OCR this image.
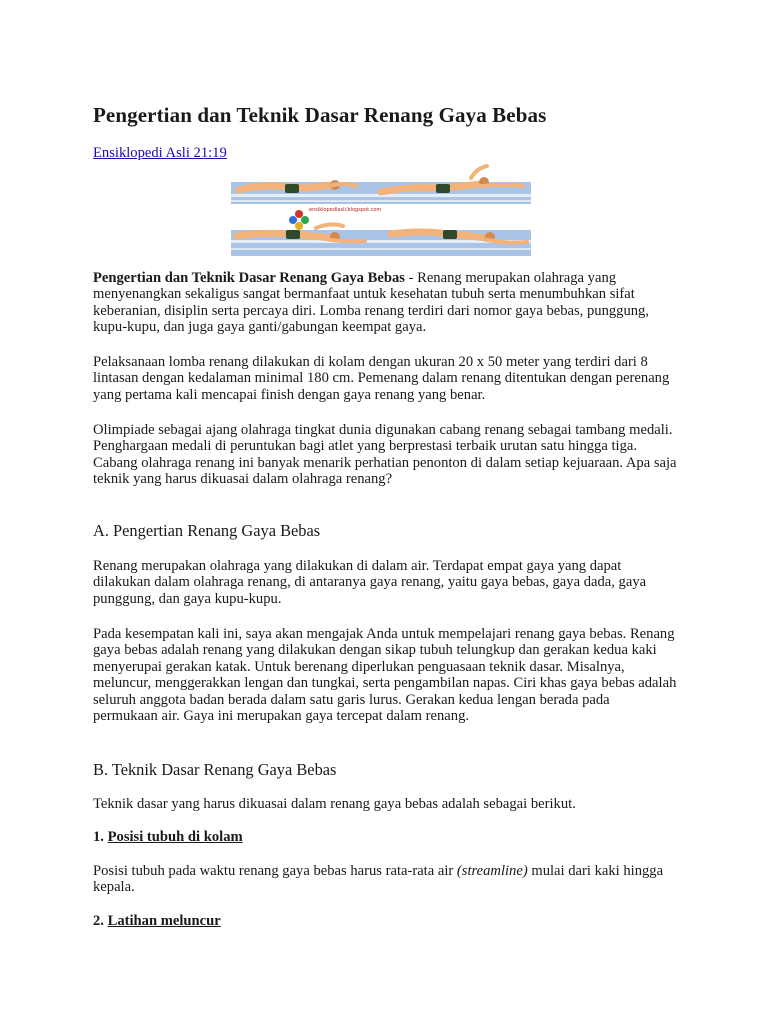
Pengertian dan Teknik Dasar Renang Gaya Bebas
Ensiklopedi Asli 21:19
ensiklopediasli.blogspot.com

Pengertian dan Teknik Dasar Renang Gaya Bebas - Renang merupakan olahraga yang menyenangkan sekaligus sangat bermanfaat untuk kesehatan tubuh serta menumbuhkan sifat keberanian, disiplin serta percaya diri. Lomba renang terdiri dari nomor gaya bebas, punggung, kupu-kupu, dan juga gaya ganti/gabungan keempat gaya.

Pelaksanaan lomba renang dilakukan di kolam dengan ukuran 20 x 50 meter yang terdiri dari 8 lintasan dengan kedalaman minimal 180 cm. Pemenang dalam renang ditentukan dengan perenang yang pertama kali mencapai finish dengan gaya renang yang benar.

Olimpiade sebagai ajang olahraga tingkat dunia digunakan cabang renang sebagai tambang medali. Penghargaan medali di peruntukan bagi atlet yang berprestasi terbaik urutan satu hingga tiga. Cabang olahraga renang ini banyak menarik perhatian penonton di dalam setiap kejuaraan. Apa saja teknik yang harus dikuasai dalam olahraga renang?

A. Pengertian Renang Gaya Bebas

Renang merupakan olahraga yang dilakukan di dalam air. Terdapat empat gaya yang dapat dilakukan dalam olahraga renang, di antaranya gaya renang, yaitu gaya bebas, gaya dada, gaya punggung, dan gaya kupu-kupu.

Pada kesempatan kali ini, saya akan mengajak Anda untuk mempelajari renang gaya bebas. Renang gaya bebas adalah renang yang dilakukan dengan sikap tubuh telungkup dan gerakan kedua kaki menyerupai gerakan katak. Untuk berenang diperlukan penguasaan teknik dasar. Misalnya, meluncur, menggerakkan lengan dan tungkai, serta pengambilan napas. Ciri khas gaya bebas adalah seluruh anggota badan berada dalam satu garis lurus. Gerakan kedua lengan berada pada permukaan air. Gaya ini merupakan gaya tercepat dalam renang.

B. Teknik Dasar Renang Gaya Bebas

Teknik dasar yang harus dikuasai dalam renang gaya bebas adalah sebagai berikut.

1. Posisi tubuh di kolam

Posisi tubuh pada waktu renang gaya bebas harus rata-rata air (streamline) mulai dari kaki hingga kepala.

2. Latihan meluncur
